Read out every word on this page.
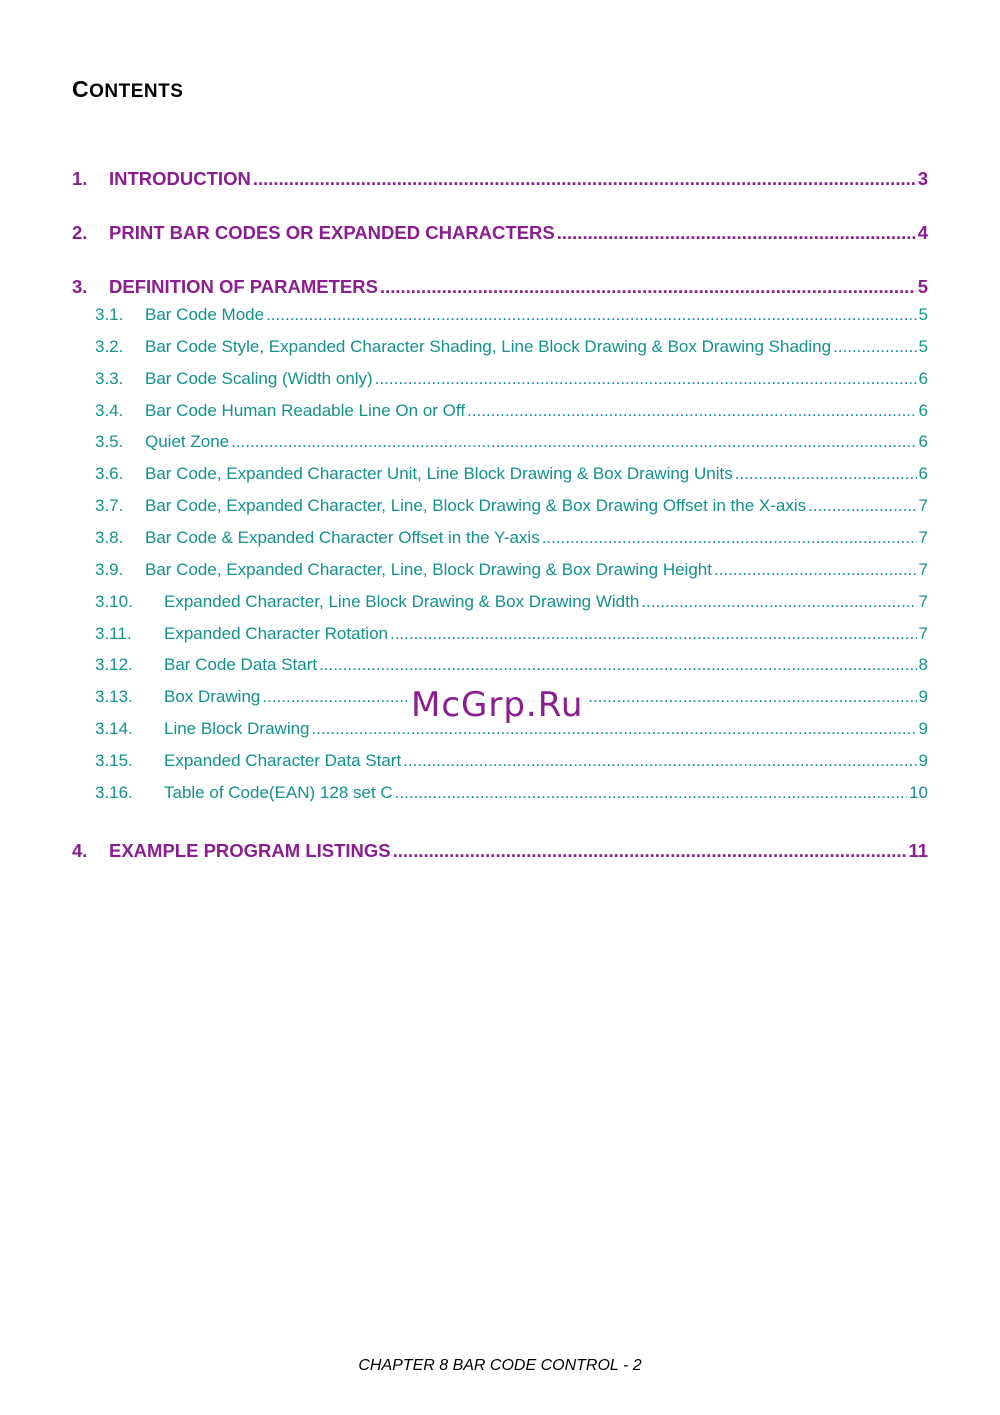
CONTENTS
1.	INTRODUCTION .....	3
2.	PRINT BAR CODES OR EXPANDED CHARACTERS .....	4
3.	DEFINITION OF PARAMETERS .....	5
3.1.	Bar Code Mode .....	5
3.2.	Bar Code Style, Expanded Character Shading, Line Block Drawing & Box Drawing Shading .....	5
3.3.	Bar Code Scaling (Width only) .....	6
3.4.	Bar Code Human Readable Line On or Off .....	6
3.5.	Quiet Zone .....	6
3.6.	Bar Code, Expanded Character Unit, Line Block Drawing & Box Drawing Units .....	6
3.7.	Bar Code, Expanded Character, Line, Block Drawing & Box Drawing Offset in the X-axis .....	7
3.8.	Bar Code & Expanded Character Offset in the Y-axis .....	7
3.9.	Bar Code, Expanded Character, Line, Block Drawing & Box Drawing Height .....	7
3.10.	Expanded Character, Line Block Drawing & Box Drawing Width .....	7
3.11.	Expanded Character Rotation .....	7
3.12.	Bar Code Data Start .....	8
3.13.	Box Drawing .....	9
3.14.	Line Block Drawing .....	9
3.15.	Expanded Character Data Start .....	9
3.16.	Table of Code(EAN) 128 set C .....	10
4.	EXAMPLE PROGRAM LISTINGS .....	11
McGrp.Ru
CHAPTER 8 BAR CODE CONTROL - 2
